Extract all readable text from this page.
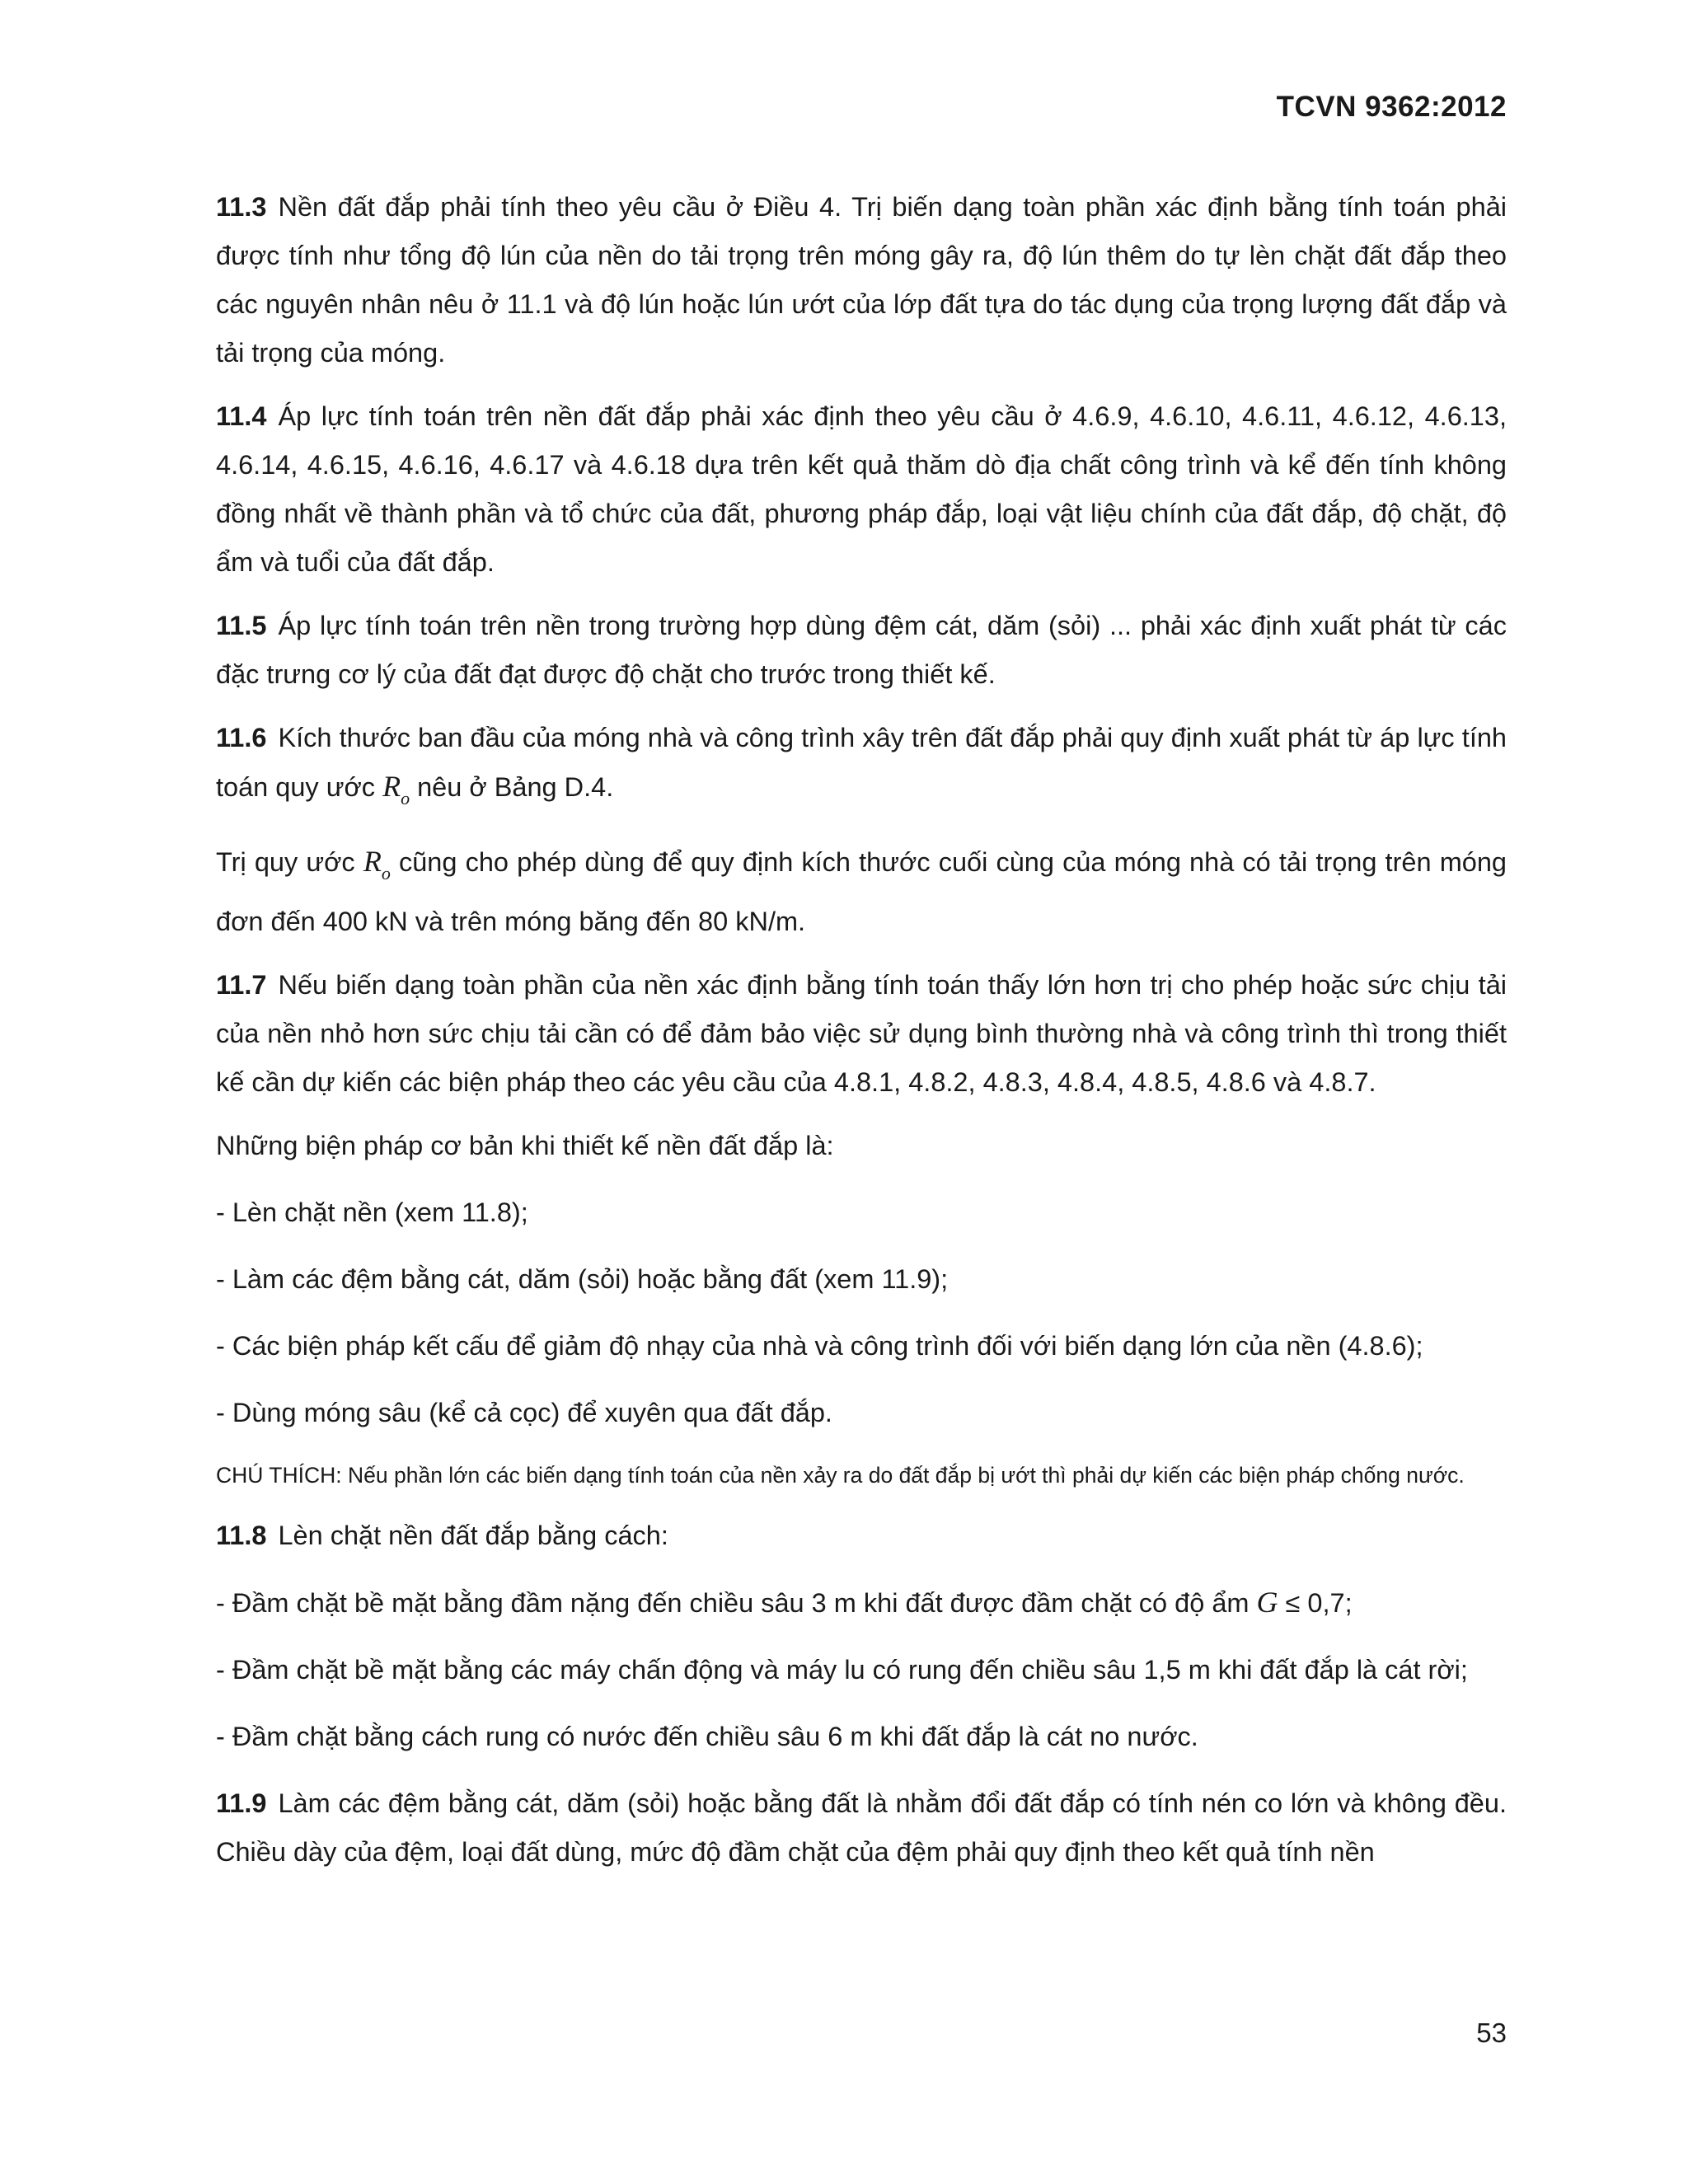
TCVN 9362:2012

11.3 Nền đất đắp phải tính theo yêu cầu ở Điều 4. Trị biến dạng toàn phần xác định bằng tính toán phải được tính như tổng độ lún của nền do tải trọng trên móng gây ra, độ lún thêm do tự lèn chặt đất đắp theo các nguyên nhân nêu ở 11.1 và độ lún hoặc lún ướt của lớp đất tựa do tác dụng của trọng lượng đất đắp và tải trọng của móng.

11.4 Áp lực tính toán trên nền đất đắp phải xác định theo yêu cầu ở 4.6.9, 4.6.10, 4.6.11, 4.6.12, 4.6.13, 4.6.14, 4.6.15, 4.6.16, 4.6.17 và 4.6.18 dựa trên kết quả thăm dò địa chất công trình và kể đến tính không đồng nhất về thành phần và tổ chức của đất, phương pháp đắp, loại vật liệu chính của đất đắp, độ chặt, độ ẩm và tuổi của đất đắp.

11.5 Áp lực tính toán trên nền trong trường hợp dùng đệm cát, dăm (sỏi) ... phải xác định xuất phát từ các đặc trưng cơ lý của đất đạt được độ chặt cho trước trong thiết kế.

11.6 Kích thước ban đầu của móng nhà và công trình xây trên đất đắp phải quy định xuất phát từ áp lực tính toán quy ước $R_o$ nêu ở Bảng D.4.

Trị quy ước $R_o$ cũng cho phép dùng để quy định kích thước cuối cùng của móng nhà có tải trọng trên móng đơn đến 400 kN và trên móng băng đến 80 kN/m.

11.7 Nếu biến dạng toàn phần của nền xác định bằng tính toán thấy lớn hơn trị cho phép hoặc sức chịu tải của nền nhỏ hơn sức chịu tải cần có để đảm bảo việc sử dụng bình thường nhà và công trình thì trong thiết kế cần dự kiến các biện pháp theo các yêu cầu của 4.8.1, 4.8.2, 4.8.3, 4.8.4, 4.8.5, 4.8.6 và 4.8.7.

Những biện pháp cơ bản khi thiết kế nền đất đắp là:

- Lèn chặt nền (xem 11.8);

- Làm các đệm bằng cát, dăm (sỏi) hoặc bằng đất (xem 11.9);

- Các biện pháp kết cấu để giảm độ nhạy của nhà và công trình đối với biến dạng lớn của nền (4.8.6);

- Dùng móng sâu (kể cả cọc) để xuyên qua đất đắp.

CHÚ THÍCH: Nếu phần lớn các biến dạng tính toán của nền xảy ra do đất đắp bị ướt thì phải dự kiến các biện pháp chống nước.

11.8 Lèn chặt nền đất đắp bằng cách:

- Đầm chặt bề mặt bằng đầm nặng đến chiều sâu 3 m khi đất được đầm chặt có độ ẩm G ≤ 0,7;

- Đầm chặt bề mặt bằng các máy chấn động và máy lu có rung đến chiều sâu 1,5 m khi đất đắp là cát rời;

- Đầm chặt bằng cách rung có nước đến chiều sâu 6 m khi đất đắp là cát no nước.

11.9 Làm các đệm bằng cát, dăm (sỏi) hoặc bằng đất là nhằm đổi đất đắp có tính nén co lớn và không đều. Chiều dày của đệm, loại đất dùng, mức độ đầm chặt của đệm phải quy định theo kết quả tính nền

53
